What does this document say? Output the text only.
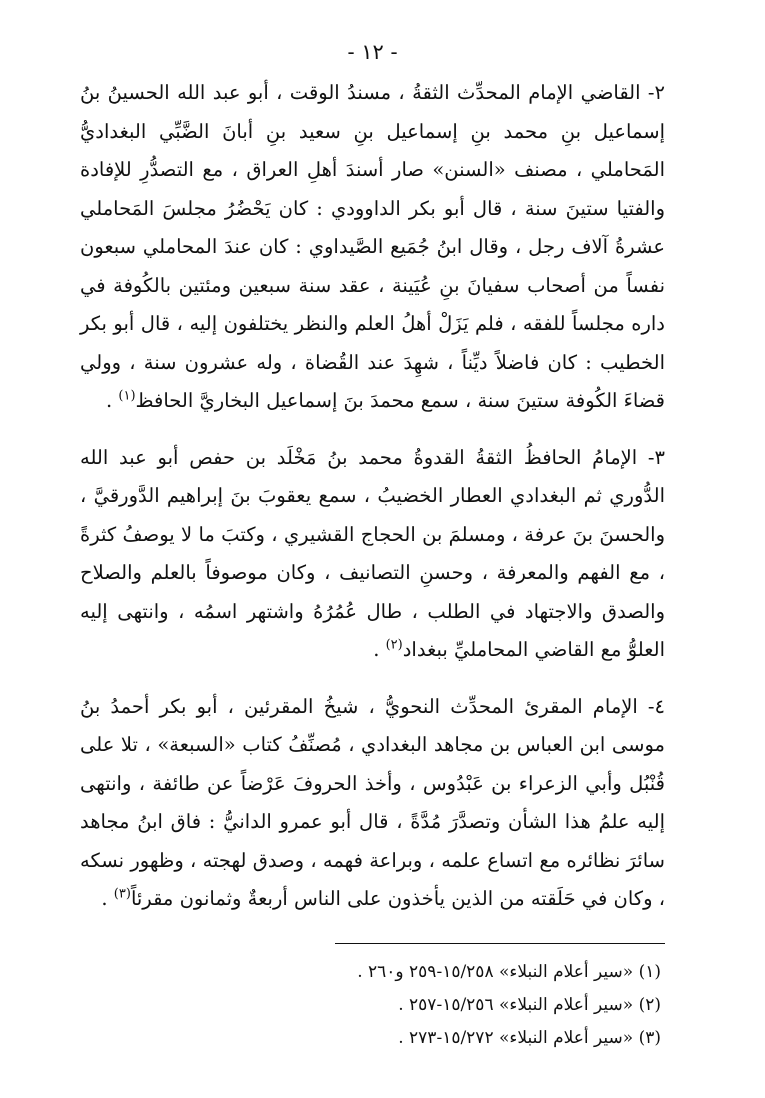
- ١٢ -

٢- القاضي الإمام المحدِّث الثقةُ ، مسندُ الوقت ، أبو عبد الله الحسينُ بنُ إسماعيل بنِ محمد بنِ إسماعيل بنِ سعيد بنِ أبانَ الضَّبِّي البغداديُّ المَحاملي ، مصنف «السنن» صار أسندَ أهلِ العراق ، مع التصدُّرِ للإفادة والفتيا ستينَ سنة ، قال أبو بكر الداوودي : كان يَحْضُرُ مجلسَ المَحاملي عشرةُ آلاف رجل ، وقال ابنُ جُمَيع الصَّيداوي : كان عندَ المحاملي سبعون نفساً من أصحاب سفيانَ بنِ عُيَينة ، عقد سنة سبعين ومئتين بالكُوفة في داره مجلساً للفقه ، فلم يَزَلْ أهلُ العلم والنظر يختلفون إليه ، قال أبو بكر الخطيب : كان فاضلاً ديِّناً ، شهِدَ عند القُضاة ، وله عشرون سنة ، وولي قضاءَ الكُوفة ستينَ سنة ، سمع محمدَ بنَ إسماعيل البخاريَّ الحافظ$^{(١)}$ .

٣- الإمامُ الحافظُ الثقةُ القدوةُ محمد بنُ مَخْلَد بن حفص أبو عبد الله الدُّوري ثم البغدادي العطار الخضيبُ ، سمع يعقوبَ بنَ إبراهيم الدَّورقيَّ ، والحسنَ بنَ عرفة ، ومسلمَ بن الحجاج القشيري ، وكتبَ ما لا يوصفُ كثرةً ، مع الفهم والمعرفة ، وحسنِ التصانيف ، وكان موصوفاً بالعلم والصلاح والصدق والاجتهاد في الطلب ، طال عُمُرُهُ واشتهر اسمُه ، وانتهى إليه العلوُّ مع القاضي المحامليِّ ببغداد$^{(٢)}$ .

٤- الإمام المقرئ المحدِّث النحويُّ ، شيخُ المقرئين ، أبو بكر أحمدُ بنُ موسى ابن العباس بن مجاهد البغدادي ، مُصنِّفُ كتاب «السبعة» ، تلا على قُنْبُل وأبي الزعراء بن عَبْدُوس ، وأخذ الحروفَ عَرْضاً عن طائفة ، وانتهى إليه علمُ هذا الشأن وتصدَّرَ مُدَّةً ، قال أبو عمرو الدانيُّ : فاق ابنُ مجاهد سائرَ نظائره مع اتساع علمه ، وبراعة فهمه ، وصدق لهجته ، وظهور نسكه ، وكان في حَلَقته من الذين يأخذون على الناس أربعةٌ وثمانون مقرئاً$^{(٣)}$ .

(١) «سير أعلام النبلاء» ١٥/٢٥٨-٢٥٩ و٢٦٠ .

(٢) «سير أعلام النبلاء» ١٥/٢٥٦-٢٥٧ .

(٣) «سير أعلام النبلاء» ١٥/٢٧٢-٢٧٣ .
